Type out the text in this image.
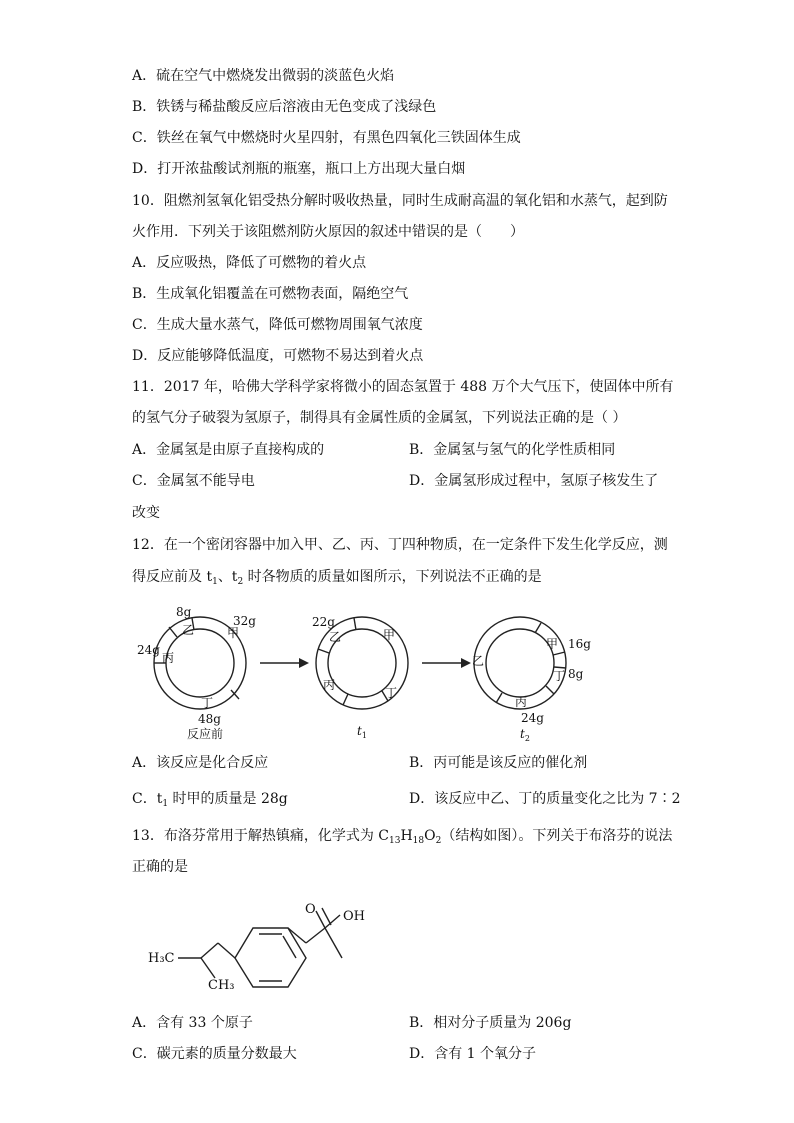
A．硫在空气中燃烧发出微弱的淡蓝色火焰
B．铁锈与稀盐酸反应后溶液由无色变成了浅绿色
C．铁丝在氧气中燃烧时火星四射，有黑色四氧化三铁固体生成
D．打开浓盐酸试剂瓶的瓶塞，瓶口上方出现大量白烟
10．阻燃剂氢氧化铝受热分解时吸收热量，同时生成耐高温的氧化铝和水蒸气，起到防
火作用．下列关于该阻燃剂防火原因的叙述中错误的是（　　）
A．反应吸热，降低了可燃物的着火点
B．生成氧化铝覆盖在可燃物表面，隔绝空气
C．生成大量水蒸气，降低可燃物周围氧气浓度
D．反应能够降低温度，可燃物不易达到着火点
11．2017 年，哈佛大学科学家将微小的固态氢置于 488 万个大气压下，使固体中所有
的氢气分子破裂为氢原子，制得具有金属性质的金属氢，下列说法正确的是（ ）
A．金属氢是由原子直接构成的	B．金属氢与氢气的化学性质相同
C．金属氢不能导电	D．金属氢形成过程中，氢原子核发生了
改变
12．在一个密闭容器中加入甲、乙、丙、丁四种物质，在一定条件下发生化学反应，测
得反应前及 $t_1$、$t_2$ 时各物质的质量如图所示，下列说法不正确的是
8g
32g
24g
乙	甲
丙
丁
48g
反应前
22g
乙	甲
丙
丁
$t_1$
甲 16g
乙
丁 8g
丙
24g
$t_2$
A．该反应是化合反应	B．丙可能是该反应的催化剂
C．$t_1$ 时甲的质量是 28g	D．该反应中乙、丁的质量变化之比为 7∶2
13．布洛芬常用于解热镇痛，化学式为 $C_{13}H_{18}O_2$（结构如图）。下列关于布洛芬的说法
正确的是
O OH
H₃C
CH₃
A．含有 33 个原子	B．相对分子质量为 206g
C．碳元素的质量分数最大	D．含有 1 个氧分子
